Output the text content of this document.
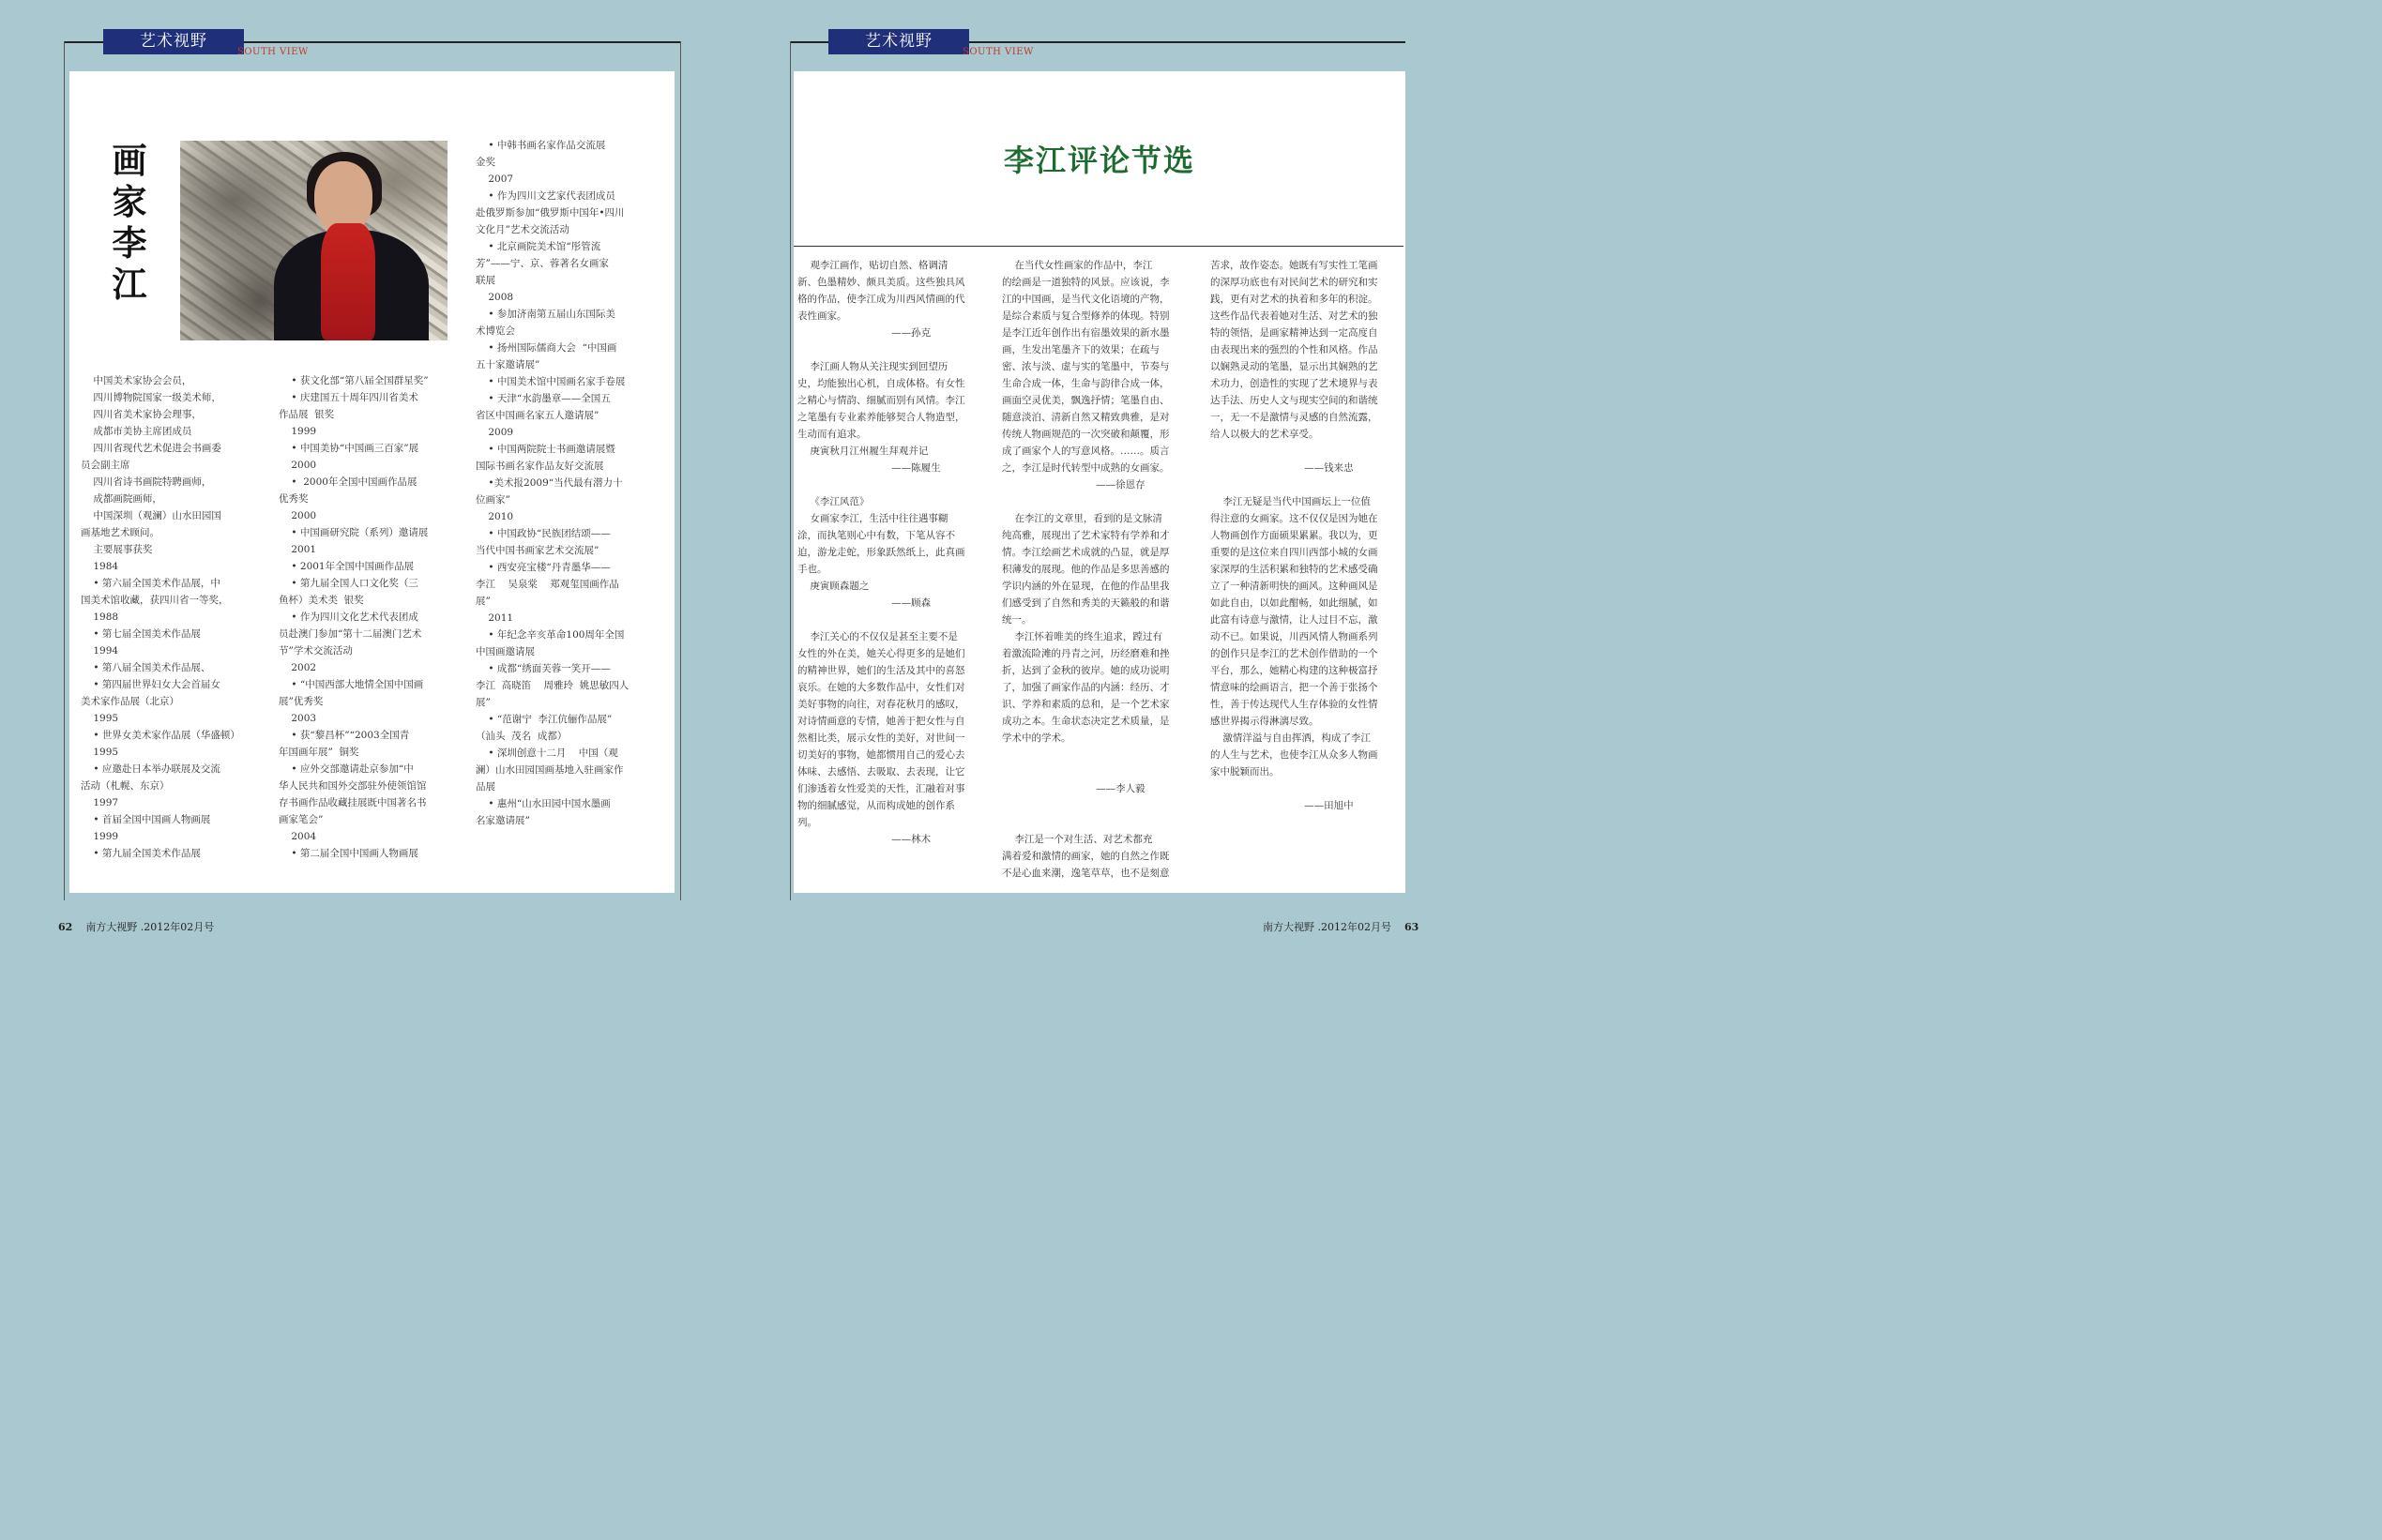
艺术视野
SOUTH VIEW
画
家
李
江
中国美术家协会会员，
四川博物院国家一级美术师，
四川省美术家协会理事，
成都市美协主席团成员
四川省现代艺术促进会书画委
员会副主席
四川省诗书画院特聘画师，
成都画院画师，
中国深圳（观澜）山水田园国
画基地艺术顾问。
主要展事获奖
1984
• 第六届全国美术作品展，中
国美术馆收藏，获四川省一等奖，
1988
• 第七届全国美术作品展
1994
• 第八届全国美术作品展、
• 第四届世界妇女大会首届女
美术家作品展（北京）
1995
• 世界女美术家作品展（华盛顿）
1995
• 应邀赴日本举办联展及交流
活动（札幌、东京）
1997
• 首届全国中国画人物画展
1999
• 第九届全国美术作品展
• 获文化部“第八届全国群星奖”
• 庆建国五十周年四川省美术
作品展  银奖
1999
• 中国美协“中国画三百家”展
2000
•  2000年全国中国画作品展
优秀奖
2000
• 中国画研究院（系列）邀请展
2001
• 2001年全国中国画作品展
• 第九届全国人口文化奖（三
鱼杯）美术类  银奖
• 作为四川文化艺术代表团成
员赴澳门参加“第十二届澳门艺术
节”学术交流活动
2002
• “中国西部大地情全国中国画
展”优秀奖
2003
• 获“黎昌杯”“2003全国青
年国画年展”  铜奖
• 应外交部邀请赴京参加“中
华人民共和国外交部驻外使领馆馆
存书画作品收藏挂展既中国著名书
画家笔会”
2004
• 第二届全国中国画人物画展
• 中韩书画名家作品交流展
金奖
2007
• 作为四川文艺家代表团成员
赴俄罗斯参加“俄罗斯中国年•四川
文化月”艺术交流活动
• 北京画院美术馆“彤管流
芳”——宁、京、蓉著名女画家
联展
2008
• 参加济南第五届山东国际美
术博览会
• 扬州国际儒商大会  “中国画
五十家邀请展”
• 中国美术馆中国画名家手卷展
• 天津“水韵墨章——全国五
省区中国画名家五人邀请展”
2009
• 中国两院院士书画邀请展暨
国际书画名家作品友好交流展
•美术报2009“当代最有潜力十
位画家”
2010
• 中国政协“民族团结颂——
当代中国书画家艺术交流展”
• 西安亮宝楼“丹青墨华——
李江    吴泉棠    郑观玺国画作品
展”
2011
• 年纪念辛亥革命100周年全国
中国画邀请展
• 成都“绣面芙蓉一笑开——
李江  高晓笛    周雅玲  姚思敏四人
展”
• “范谢宁  李江伉俪作品展”
（汕头  茂名  成都）
• 深圳创意十二月    中国（观
澜）山水田园国画基地入驻画家作
品展
• 惠州“山水田园中国水墨画
名家邀请展”
62 南方大视野 .2012年02月号
艺术视野
SOUTH VIEW
李江评论节选
观李江画作，贴切自然、格调清
新、色墨精妙、颇具美质。这些独具风
格的作品，使李江成为川西风情画的代
表性画家。
——孙克

李江画人物从关注现实到回望历
史，均能独出心机，自成体格。有女性
之精心与情韵、细腻而别有风情。李江
之笔墨有专业素养能够契合人物造型，
生动而有追求。
庚寅秋月江州履生拜观并记
——陈履生

《李江风范》
女画家李江，生活中往往遇事糊
涂，而执笔则心中有数，下笔从容不
迫，游龙走蛇，形象跃然纸上，此真画
手也。
庚寅顾森题之
——顾森

李江关心的不仅仅是甚至主要不是
女性的外在美，她关心得更多的是她们
的精神世界，她们的生活及其中的喜怒
哀乐。在她的大多数作品中，女性们对
美好事物的向往，对春花秋月的感叹，
对诗情画意的专情，她善于把女性与自
然相比类，展示女性的美好，对世间一
切美好的事物，她都惯用自己的爱心去
体味、去感悟、去吸取、去表现，让它
们渗透着女性爱美的天性，汇融着对事
物的细腻感觉，从而构成她的创作系
列。
——林木
在当代女性画家的作品中，李江
的绘画是一道独特的风景。应该说，李
江的中国画，是当代文化语境的产物，
是综合素质与复合型修养的体现。特别
是李江近年创作出有宿墨效果的新水墨
画，生发出笔墨齐下的效果；在疏与
密、浓与淡、虚与实的笔墨中，节奏与
生命合成一体，生命与韵律合成一体，
画面空灵优美，飘逸抒情；笔墨自由、
随意淡泊、清新自然又精致典雅，是对
传统人物画规范的一次突破和颠覆，形
成了画家个人的写意风格。……。质言
之，李江是时代转型中成熟的女画家。
——徐恩存

在李江的文章里，看到的是文脉清
纯高雅，展现出了艺术家特有学养和才
情。李江绘画艺术成就的凸显，就是厚
积薄发的展现。他的作品是多思善感的
学识内涵的外在显现，在他的作品里我
们感受到了自然和秀美的天籁般的和谐
统一。
李江怀着唯美的终生追求，蹚过有
着激流险滩的丹青之河，历经磨难和挫
折，达到了金秋的彼岸。她的成功说明
了，加强了画家作品的内涵：经历、才
识、学养和素质的总和，是一个艺术家
成功之本。生命状态决定艺术质量，是
学术中的学术。

——李人毅

李江是一个对生活、对艺术都充
满着爱和激情的画家，她的自然之作既
不是心血来潮，逸笔草草，也不是刻意
苦求，故作姿态。她既有写实性工笔画
的深厚功底也有对民间艺术的研究和实
践，更有对艺术的执着和多年的积淀。
这些作品代表着她对生活、对艺术的独
特的领悟，是画家精神达到一定高度自
由表现出来的强烈的个性和风格。作品
以娴熟灵动的笔墨，显示出其娴熟的艺
术功力，创造性的实现了艺术境界与表
达手法、历史人文与现实空间的和谐统
一，无一不是激情与灵感的自然流露，
给人以极大的艺术享受。

——钱来忠

李江无疑是当代中国画坛上一位值
得注意的女画家。这不仅仅是因为她在
人物画创作方面硕果累累。我以为，更
重要的是这位来自四川西部小城的女画
家深厚的生活积累和独特的艺术感受确
立了一种清新明快的画风。这种画风是
如此自由，以如此酣畅，如此细腻，如
此富有诗意与激情，让人过目不忘，激
动不已。如果说，川西风情人物画系列
的创作只是李江的艺术创作借助的一个
平台，那么，她精心构建的这种极富抒
情意味的绘画语言，把一个善于张扬个
性，善于传达现代人生存体验的女性情
感世界揭示得淋漓尽致。
激情洋溢与自由挥洒，构成了李江
的人生与艺术，也使李江从众多人物画
家中脱颖而出。

——田旭中
南方大视野 .2012年02月号 63
